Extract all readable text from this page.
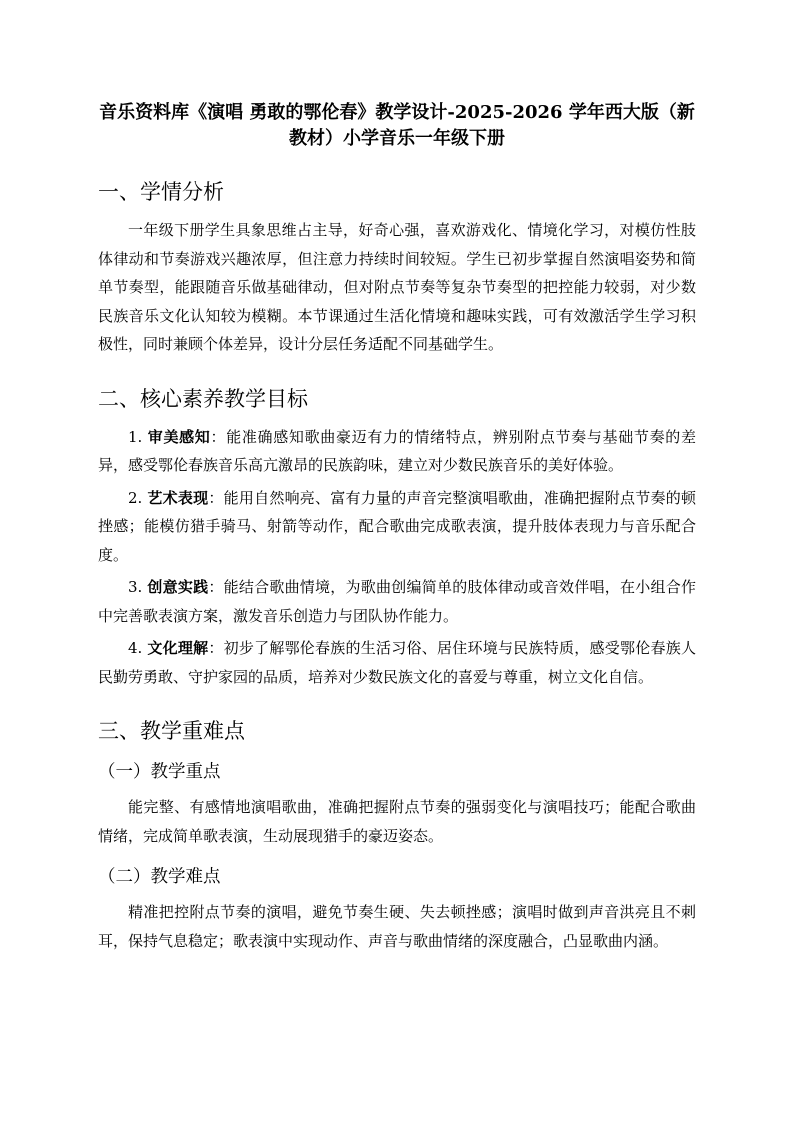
音乐资料库《演唱 勇敢的鄂伦春》教学设计-2025-2026 学年西大版（新教材）小学音乐一年级下册
一、学情分析

一年级下册学生具象思维占主导，好奇心强，喜欢游戏化、情境化学习，对模仿性肢体律动和节奏游戏兴趣浓厚，但注意力持续时间较短。学生已初步掌握自然演唱姿势和简单节奏型，能跟随音乐做基础律动，但对附点节奏等复杂节奏型的把控能力较弱，对少数民族音乐文化认知较为模糊。本节课通过生活化情境和趣味实践，可有效激活学生学习积极性，同时兼顾个体差异，设计分层任务适配不同基础学生。

二、核心素养教学目标

1. 审美感知：能准确感知歌曲豪迈有力的情绪特点，辨别附点节奏与基础节奏的差异，感受鄂伦春族音乐高亢激昂的民族韵味，建立对少数民族音乐的美好体验。

2. 艺术表现：能用自然响亮、富有力量的声音完整演唱歌曲，准确把握附点节奏的顿挫感；能模仿猎手骑马、射箭等动作，配合歌曲完成歌表演，提升肢体表现力与音乐配合度。

3. 创意实践：能结合歌曲情境，为歌曲创编简单的肢体律动或音效伴唱，在小组合作中完善歌表演方案，激发音乐创造力与团队协作能力。

4. 文化理解：初步了解鄂伦春族的生活习俗、居住环境与民族特质，感受鄂伦春族人民勤劳勇敢、守护家园的品质，培养对少数民族文化的喜爱与尊重，树立文化自信。

三、教学重难点
（一）教学重点

能完整、有感情地演唱歌曲，准确把握附点节奏的强弱变化与演唱技巧；能配合歌曲情绪，完成简单歌表演，生动展现猎手的豪迈姿态。

（二）教学难点

精准把控附点节奏的演唱，避免节奏生硬、失去顿挫感；演唱时做到声音洪亮且不刺耳，保持气息稳定；歌表演中实现动作、声音与歌曲情绪的深度融合，凸显歌曲内涵。
